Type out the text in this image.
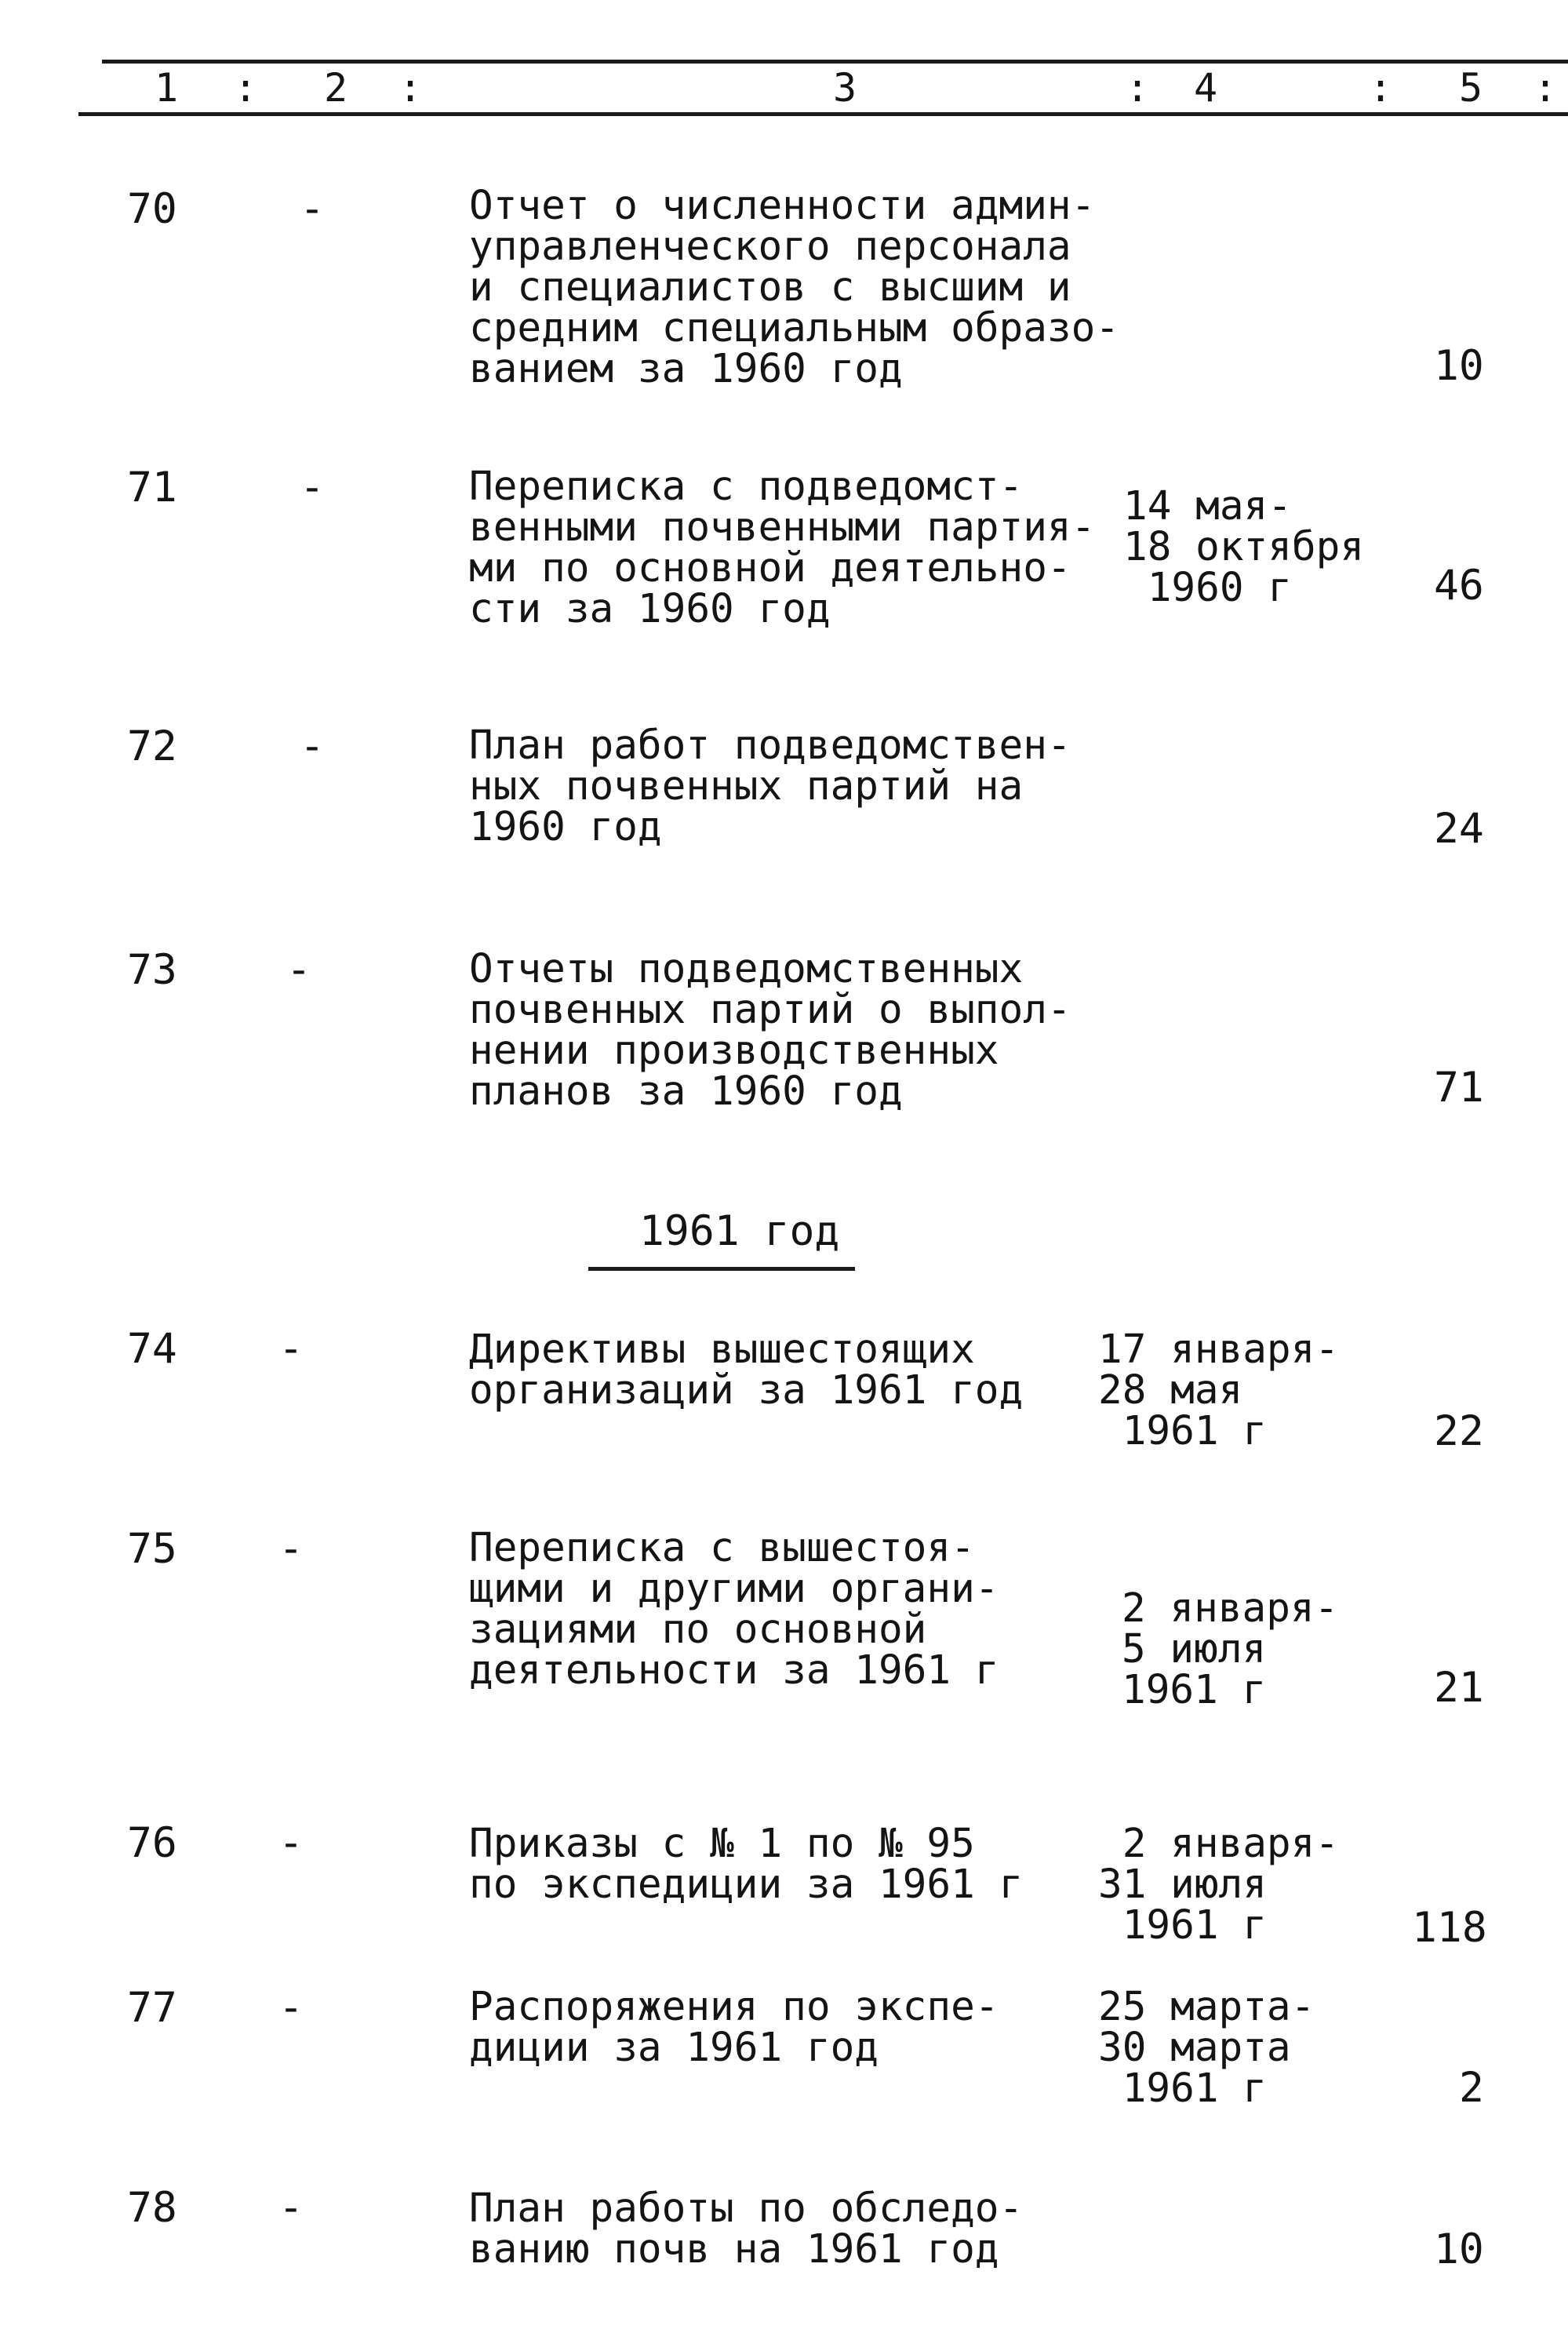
1 : 2 :	3	: 4	: 5 :
70	-	Отчет о численности админ-
управленческого персонала
и специалистов с высшим и
средним специальным образо-
ванием за 1960 год	10
71	-	Переписка с подведомст-
венными почвенными партия-
ми по основной деятельно-
сти за 1960 год
14 мая-
18 октября
1960 г	46
72	-	План работ подведомствен-
ных почвенных партий на
1960 год	24
73	-	Отчеты подведомственных
почвенных партий о выпол-
нении производственных
планов за 1960 год	71
1961 год
74 -	Директивы вышестоящих
организаций за 1961 год
17 января-
28 мая
1961 г	22
75 -	Переписка с вышестоя-
щими и другими органи-
зациями по основной
деятельности за 1961 г
2 января-
5 июля
1961 г	21
76 -	Приказы с № 1 по № 95
по экспедиции за 1961 г
2 января-
31 июля
1961 г	118
77 -	Распоряжения по экспе-
диции за 1961 год
25 марта-
30 марта
1961 г	2
78 -	План работы по обследо-
ванию почв на 1961 год	10
